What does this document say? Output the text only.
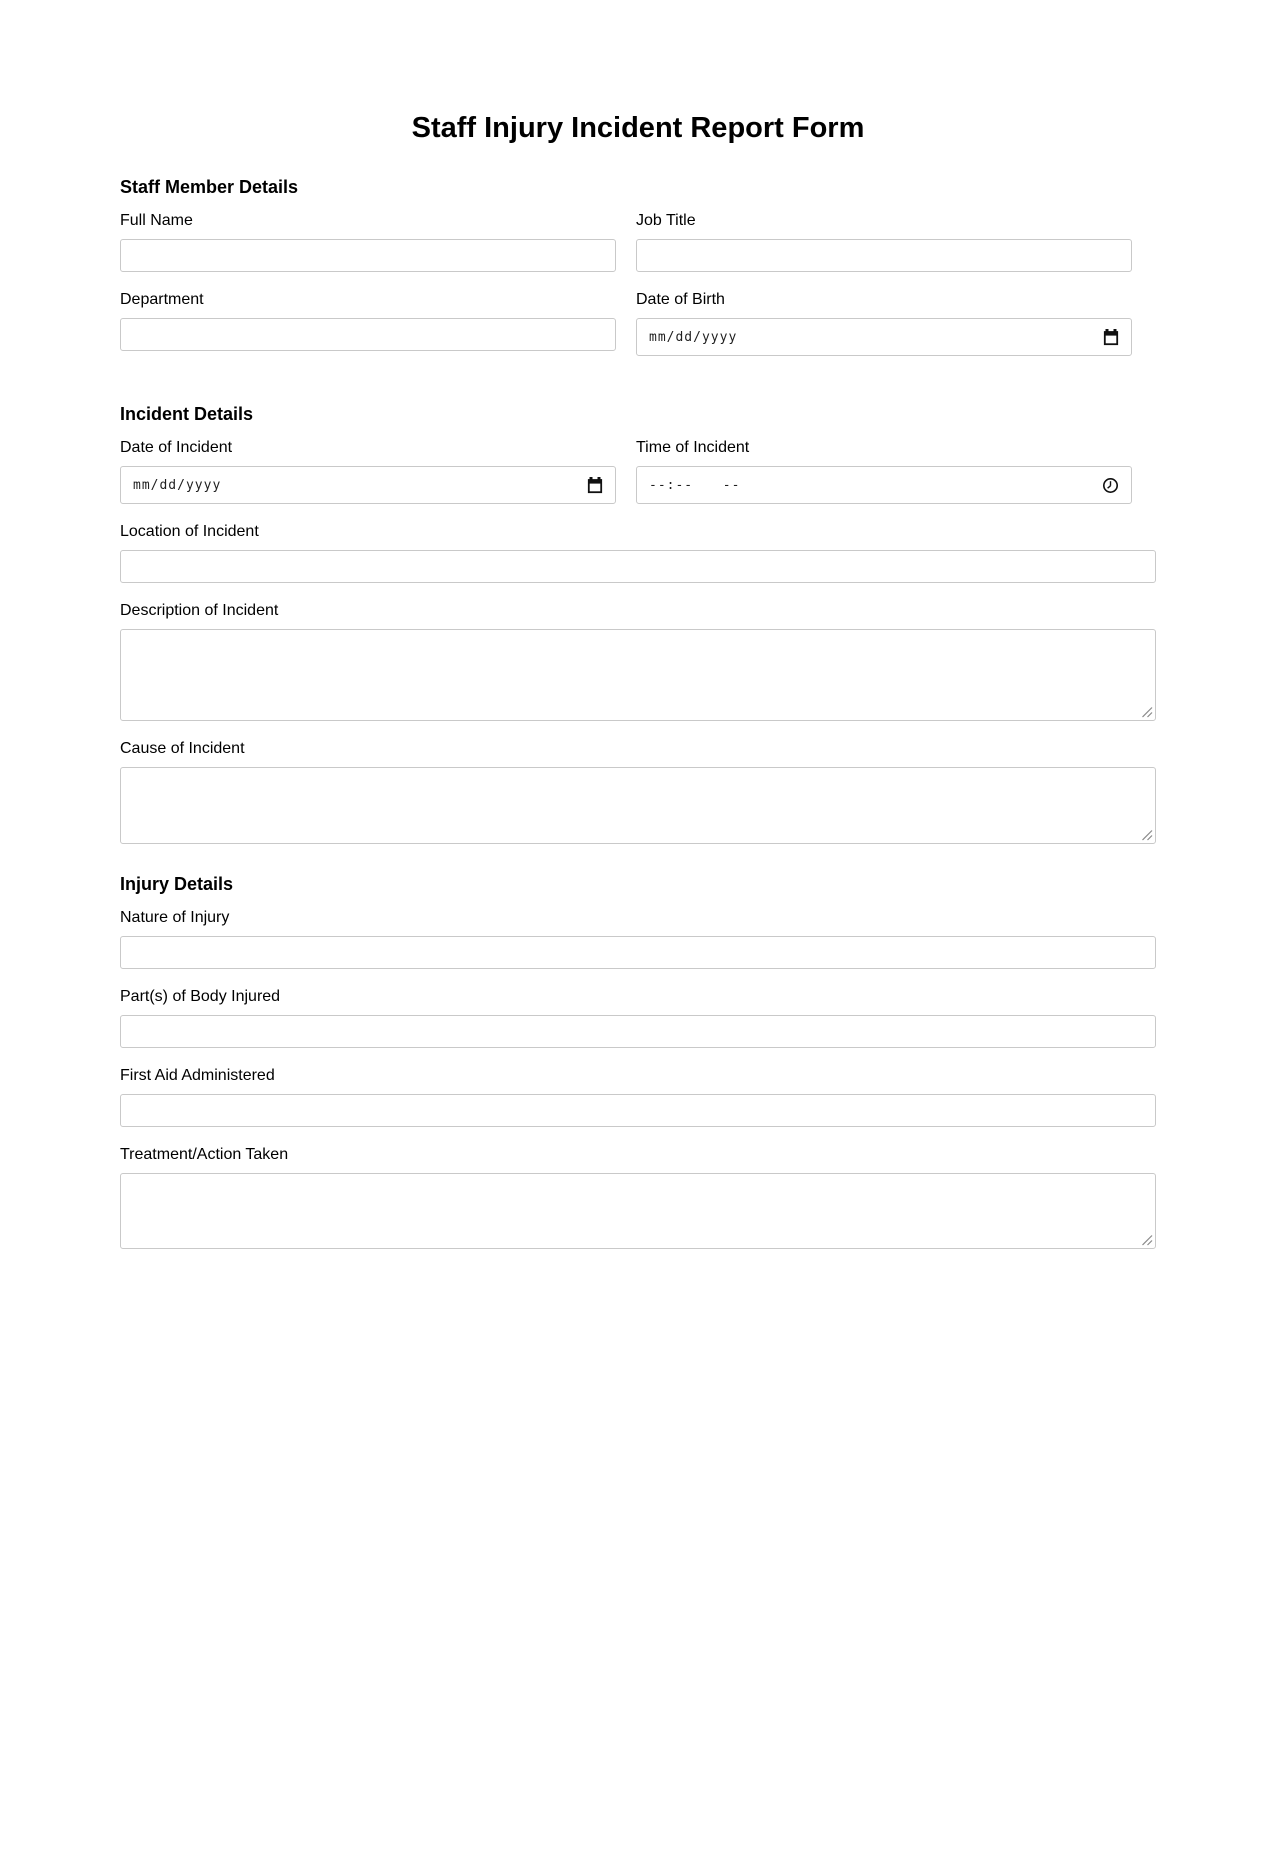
Staff Injury Incident Report Form
Staff Member Details
Full Name	Job Title
Department	Date of Birth
mm/dd/yyyy
Incident Details
Date of Incident
mm/dd/yyyy
Time of Incident
--:--  --
Location of Incident
Description of Incident
Cause of Incident
Injury Details
Nature of Injury
Part(s) of Body Injured
First Aid Administered
Treatment/Action Taken
